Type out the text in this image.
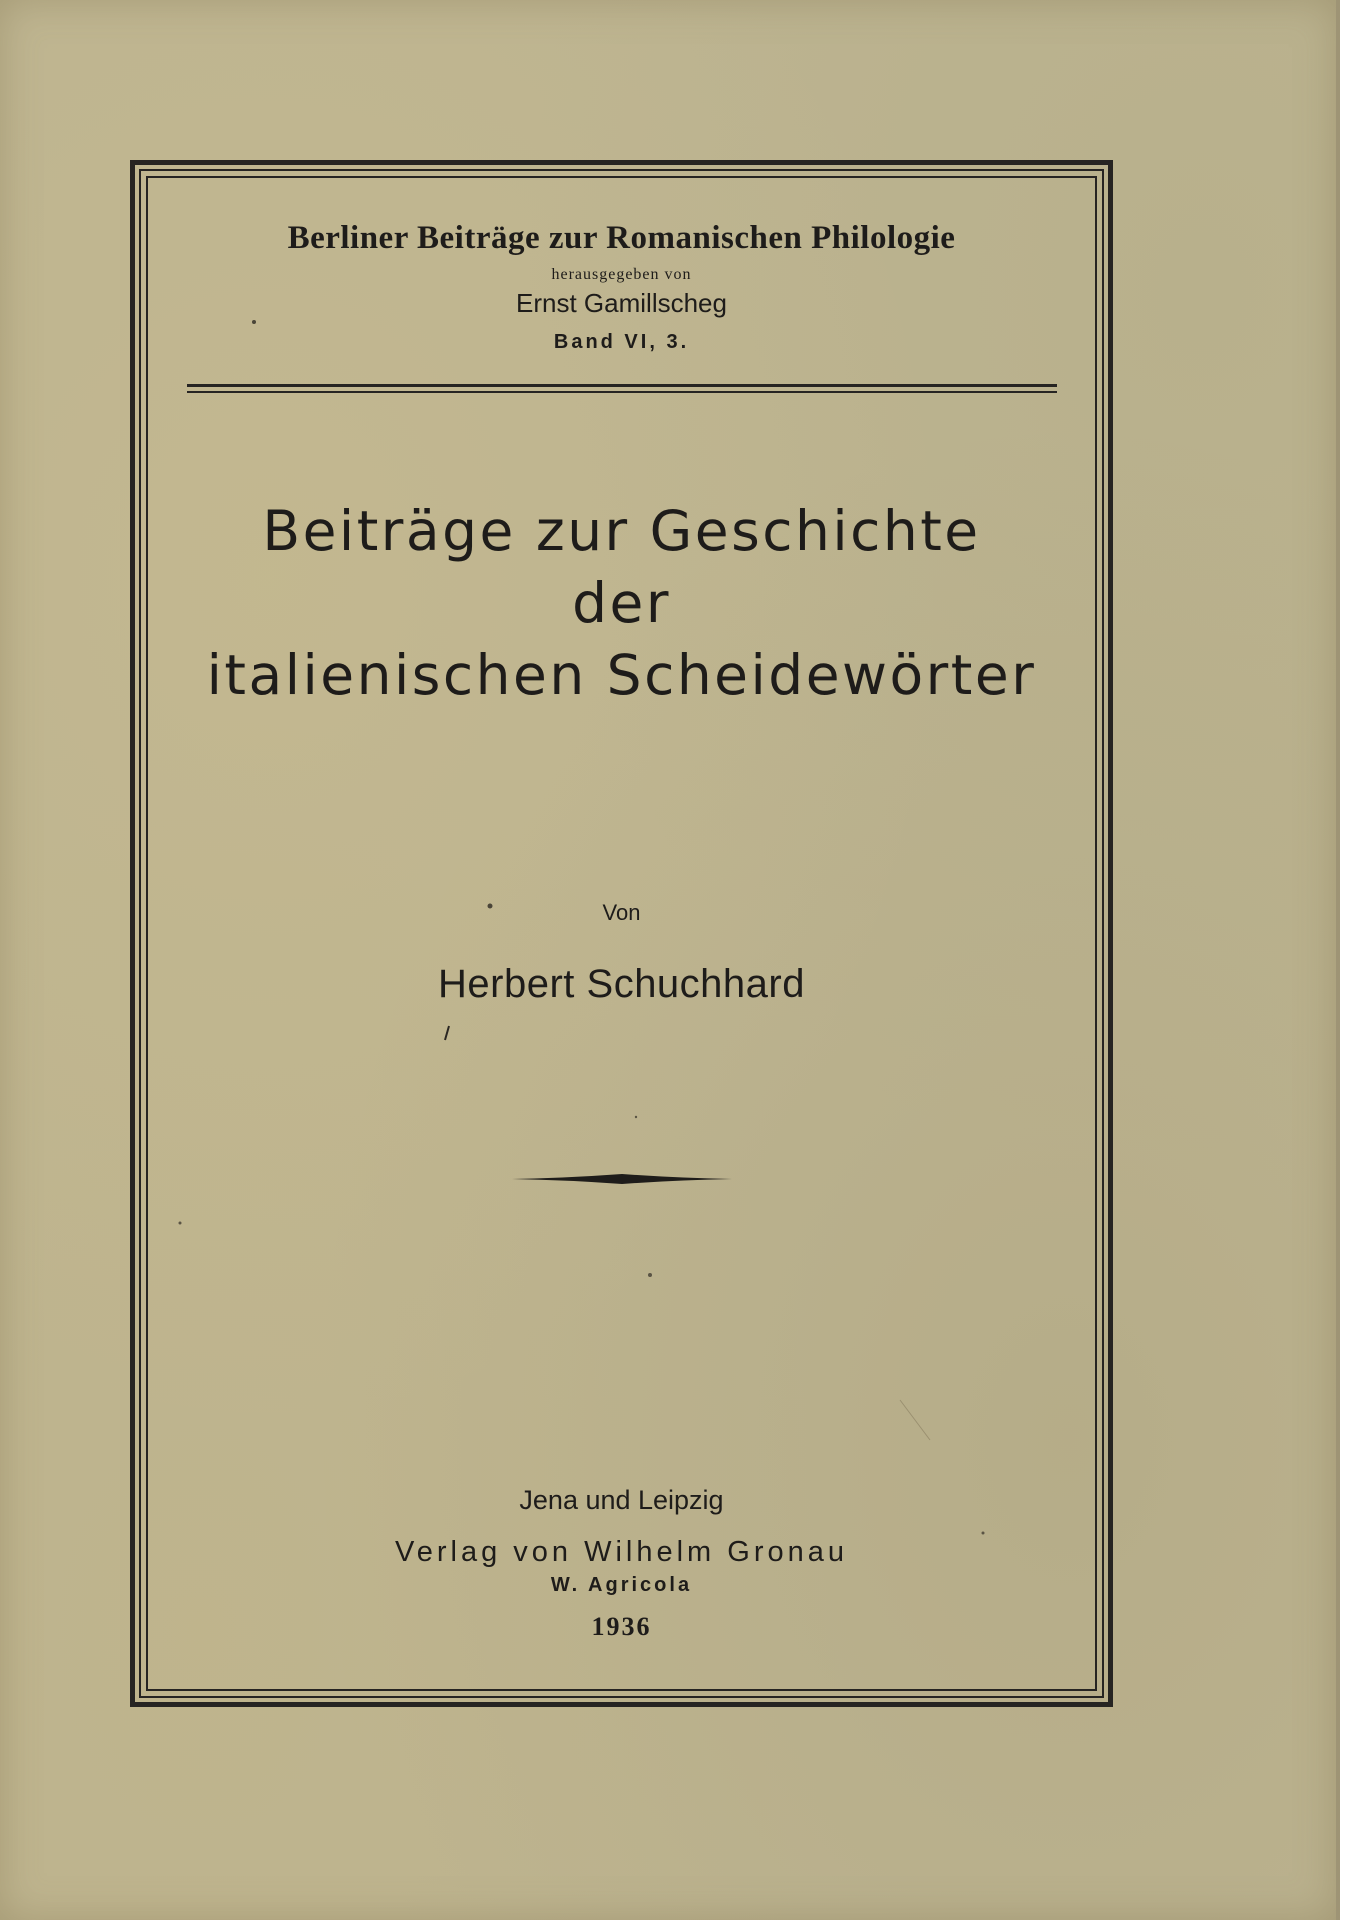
Berliner Beiträge zur Romanischen Philologie
herausgegeben von
Ernst Gamillscheg
Band VI, 3.
Beiträge zur Geschichte
der
italienischen Scheidewörter
Von
Herbert Schuchhard
Jena und Leipzig
Verlag von Wilhelm Gronau
W. Agricola
1936
